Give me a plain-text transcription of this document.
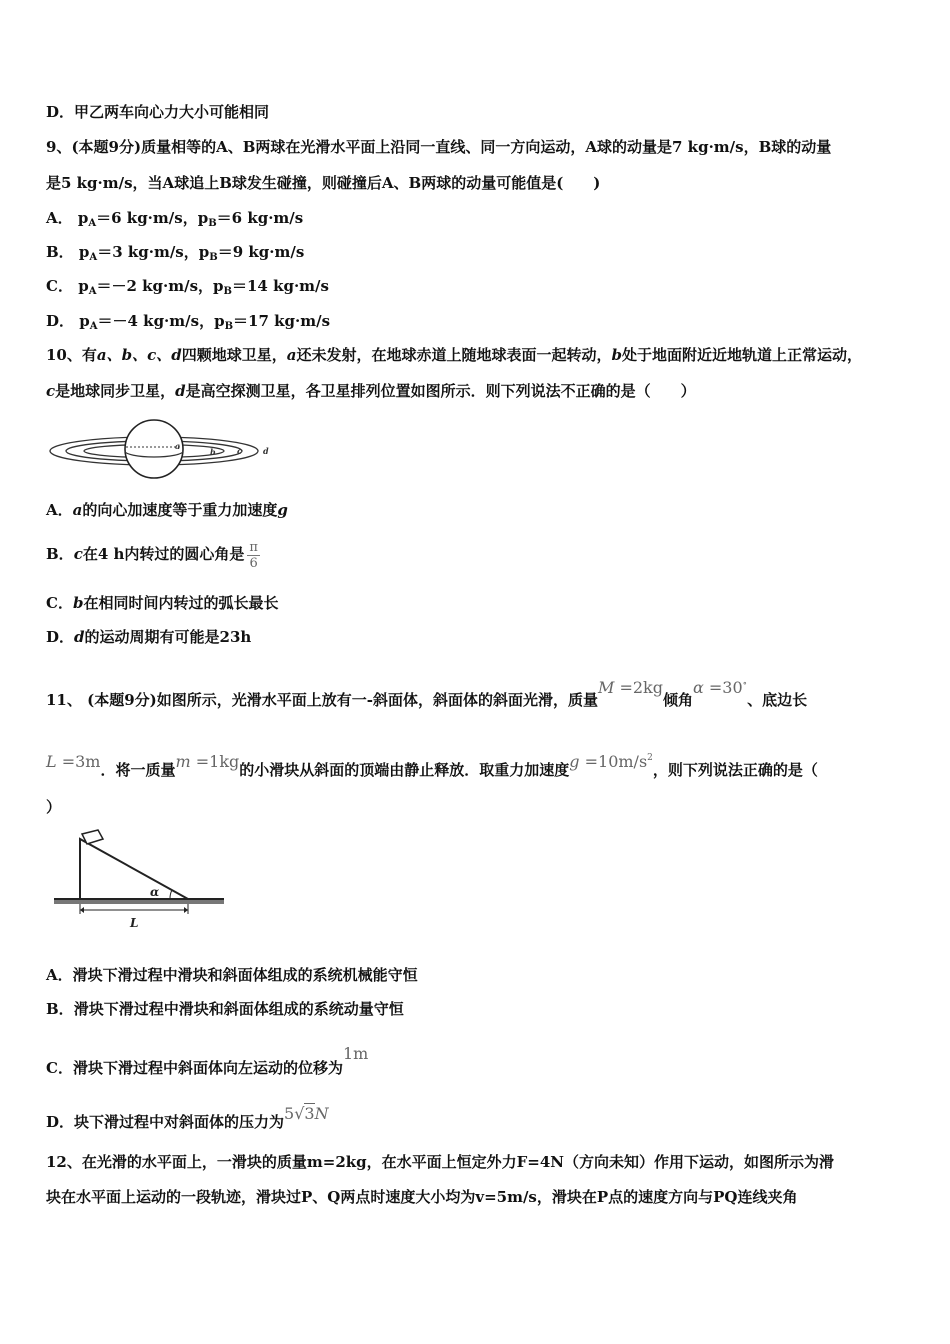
D．甲乙两车向心力大小可能相同
9、(本题9分)质量相等的A、B两球在光滑水平面上沿同一直线、同一方向运动，A球的动量是7 kg·m/s，B球的动量
是5 kg·m/s，当A球追上B球发生碰撞，则碰撞后A、B两球的动量可能值是(　　)
A． $p_A=6$ kg·m/s，$p_B=6$ kg·m/s
B． $p_A=3$ kg·m/s，$p_B=9$ kg·m/s
C． $p_A=-2$ kg·m/s，$p_B=14$ kg·m/s
D． $p_A=-4$ kg·m/s，$p_B=17$ kg·m/s
10、有a、b、c、d四颗地球卫星，a还未发射，在地球赤道上随地球表面一起转动，b处于地面附近近地轨道上正常运动，
c是地球同步卫星，d是高空探测卫星，各卫星排列位置如图所示．则下列说法不正确的是（　　）
a
b	c	d
A．a的向心加速度等于重力加速度g
B．c在4 h内转过的圆心角是 $\frac{\pi}{6}$
C．b在相同时间内转过的弧长最长
D．d的运动周期有可能是23h
11、 (本题9分)如图所示，光滑水平面上放有一-斜面体，斜面体的斜面光滑，质量M =2kg倾角α =30∘、底边长
L =3m．将一质量m =1kg的小滑块从斜面的顶端由静止释放．取重力加速度$g =10m/s^2$，则下列说法正确的是（
）
α
L
A．滑块下滑过程中滑块和斜面体组成的系统机械能守恒
B．滑块下滑过程中滑块和斜面体组成的系统动量守恒
C．滑块下滑过程中斜面体向左运动的位移为1m
D．块下滑过程中对斜面体的压力为5√3N
12、在光滑的水平面上，一滑块的质量m=2kg，在水平面上恒定外力F=4N（方向未知）作用下运动，如图所示为滑
块在水平面上运动的一段轨迹，滑块过P、Q两点时速度大小均为v=5m/s，滑块在P点的速度方向与PQ连线夹角
